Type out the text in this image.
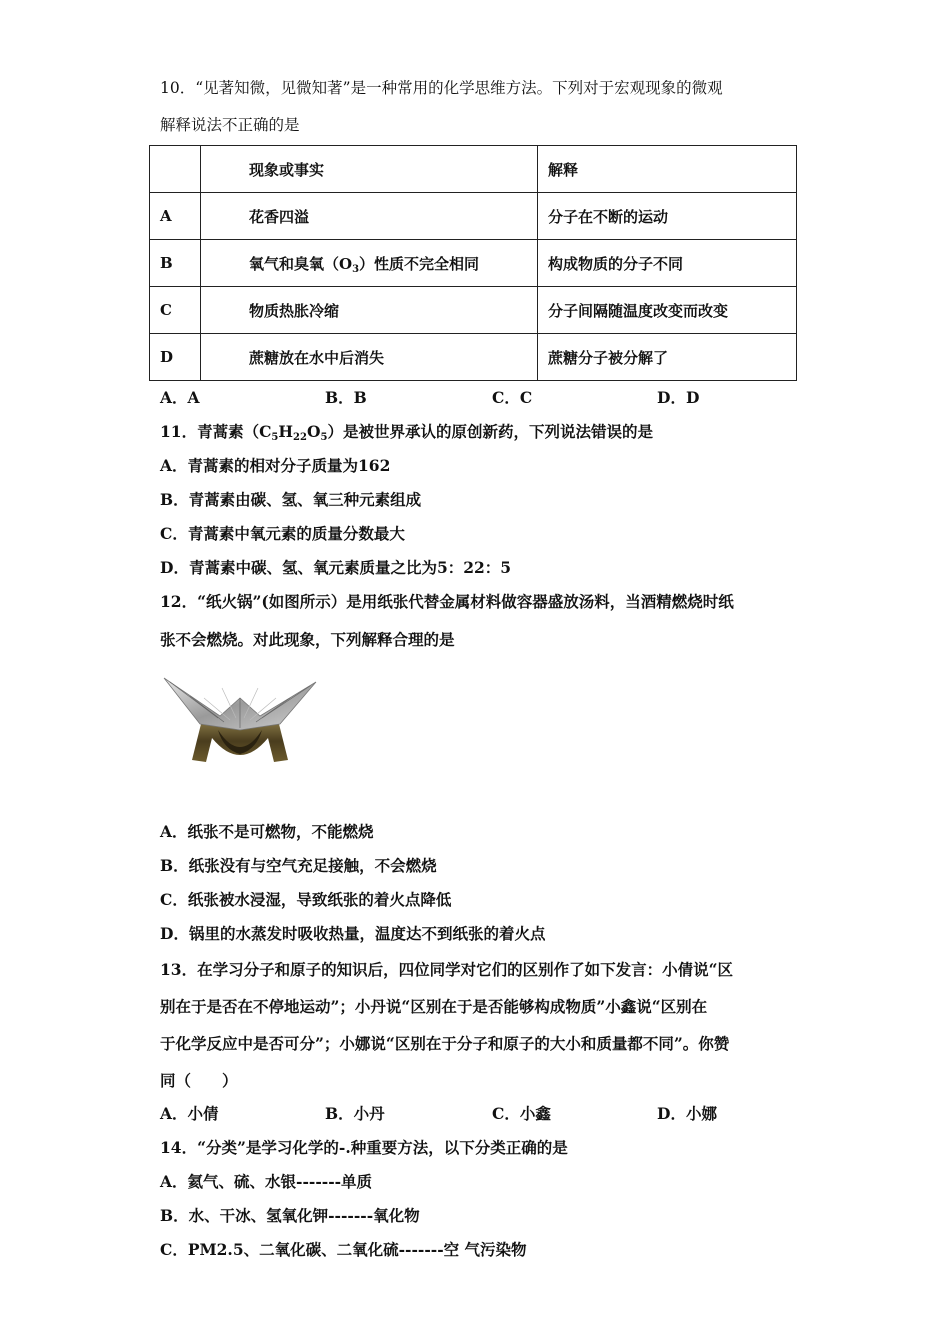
10．“见著知微，见微知著”是一种常用的化学思维方法。下列对于宏观现象的微观
解释说法不正确的是
	现象或事实	解释
A	花香四溢	分子在不断的运动
B	氧气和臭氧$(O_3)$性质不完全相同	构成物质的分子不同
C	物质热胀冷缩	分子间隔随温度改变而改变
D	蔗糖放在水中后消失	蔗糖分子被分解了
A．A	B．B	C．C	D．D
11．青蒿素$(C_5H_{22}O_5)$是被世界承认的原创新药，下列说法错误的是
A．青蒿素的相对分子质量为162
B．青蒿素由碳、氢、氧三种元素组成
C．青蒿素中氧元素的质量分数最大
D．青蒿素中碳、氢、氧元素质量之比为5：22：5
12．“纸火锅”(如图所示）是用纸张代替金属材料做容器盛放汤料，当酒精燃烧时纸
张不会燃烧。对此现象，下列解释合理的是
A．纸张不是可燃物，不能燃烧
B．纸张没有与空气充足接触，不会燃烧
C．纸张被水浸湿，导致纸张的着火点降低
D．锅里的水蒸发时吸收热量，温度达不到纸张的着火点
13．在学习分子和原子的知识后，四位同学对它们的区别作了如下发言：小倩说“区
别在于是否在不停地运动”；小丹说“区别在于是否能够构成物质”小鑫说“区别在
于化学反应中是否可分”；小娜说“区别在于分子和原子的大小和质量都不同”。你赞
同（　　）
A．小倩	B．小丹	C．小鑫	D．小娜
14．“分类”是学习化学的-.种重要方法，以下分类正确的是
A．氦气、硫、水银-------单质
B．水、干冰、氢氧化钾-------氧化物
C．PM2.5、二氧化碳、二氧化硫-------空 气污染物
